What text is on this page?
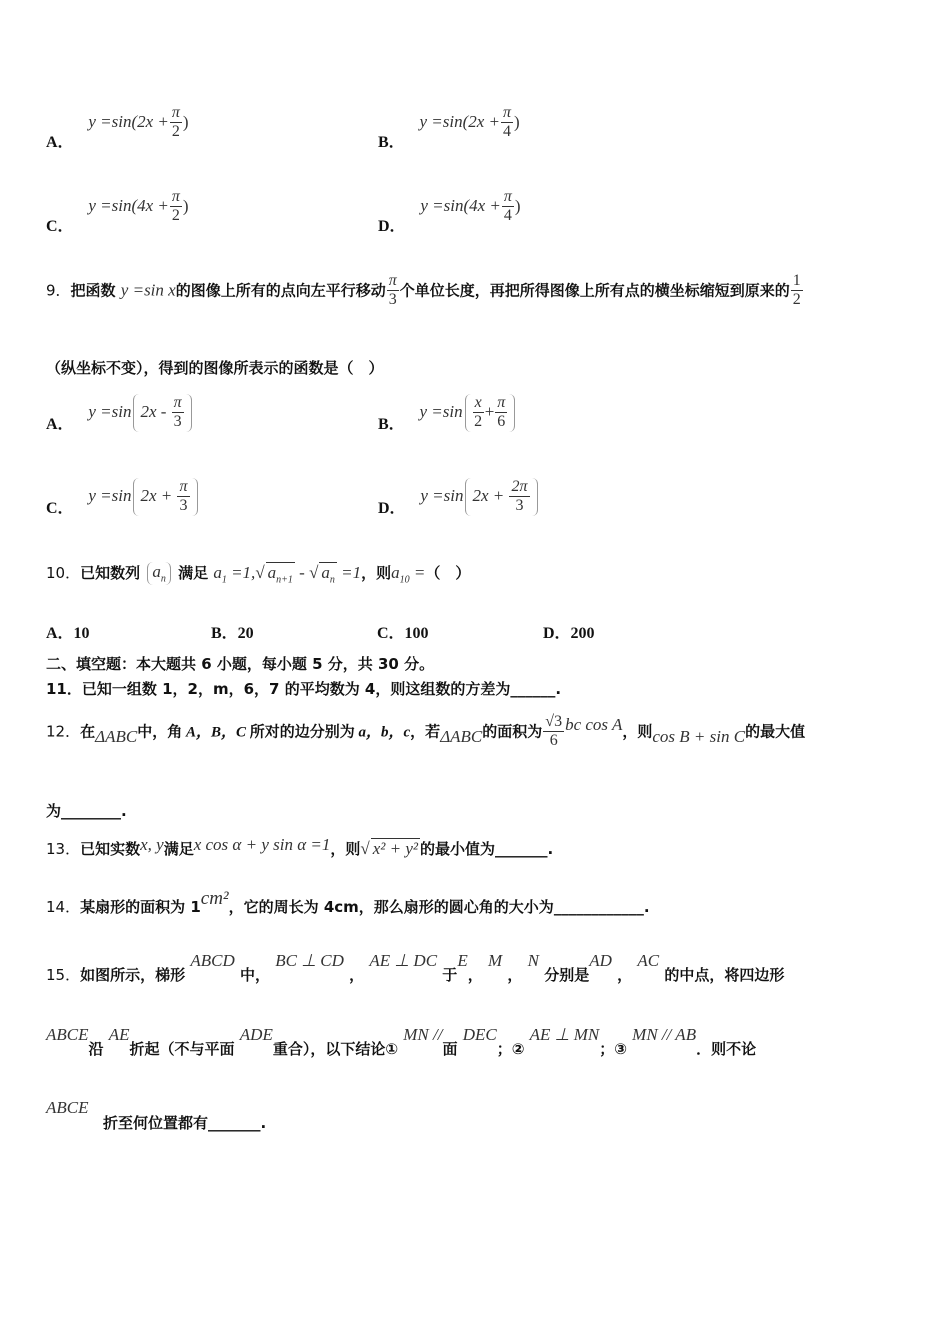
A． $y =\sin(2x + \frac{\pi}{2}$ )
B． $y =\sin(2x + \frac{\pi}{4}$ )
C． $y =\sin(4x + \frac{\pi}{2}$ )
D． $y =\sin(4x + \frac{\pi}{4}$ )
9．把函数 y =sin x的图像上所有的点向左平行移动 $\frac{\pi}{3}$ 个单位长度，再把所得图像上所有点的横坐标缩短到原来的 $\frac{1}{2}$
（纵坐标不变），得到的图像所表示的函数是（　）
A． y =sin $2x - \frac{\pi}{3}$	B． $y =\sin \frac{x}{2} + \frac{\pi}{6}$
C． y =sin $2x + \frac{\pi}{3}$	D． y =sin $2x + \frac{2\pi}{3}$
10．已知数列 $a_n$ 满足 $a_1 =1,√$ $a_{n+1}$ - √ $a_n =1$，则$a_{10}$ =（　）
A．10	B．20	C．100	D．200
二、填空题：本大题共 6 小题，每小题 5 分，共 30 分。
11．已知一组数 1，2，m，6，7 的平均数为 4，则这组数的方差为______.
12．在ΔABC中，角 A，B，C 所对的边分别为 a，b，c，若ΔABC的面积为 $\frac{√3}{6}$ bc cos A，则cos B + sin C的最大值
为________.
13．已知实数x, y满足x cos α + y sin α =1，则√ x² + y² 的最小值为_______.
14．某扇形的面积为 1cm²，它的周长为 4cm，那么扇形的圆心角的大小为____________.
15．如图所示，梯形 ABCD 中， BC ⊥ CD ， AE ⊥ DC 于E， M ， N 分别是AD ， AC 的中点，将四边形
ABCE沿 AE折起（不与平面 ADE重合），以下结论① MN //面 DEC；② AE ⊥ MN；③ MN // AB．则不论
ABCE
折至何位置都有_______.
